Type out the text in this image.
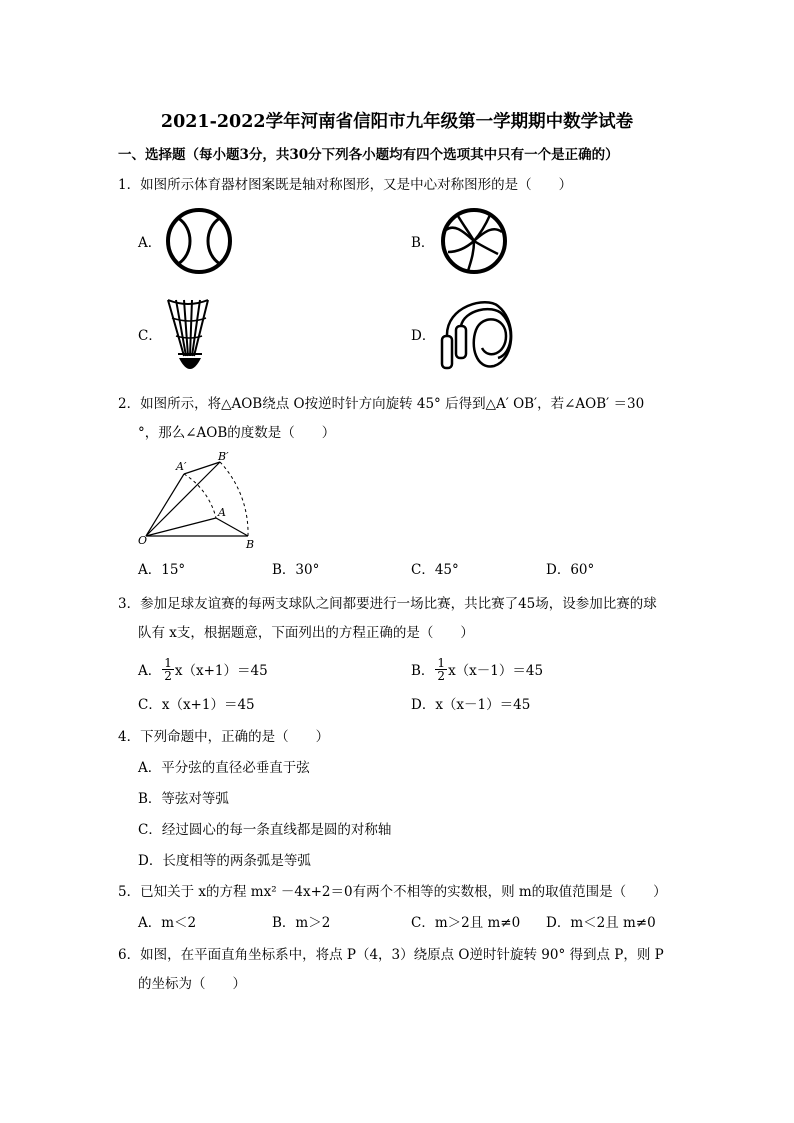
2021-2022学年河南省信阳市九年级第一学期期中数学试卷
一、选择题（每小题3分，共30分下列各小题均有四个选项其中只有一个是正确的）
1．如图所示体育器材图案既是轴对称图形，又是中心对称图形的是（　　）
A．	B．
C．	D．
2．如图所示，将△AOB绕点 O按逆时针方向旋转 45° 后得到△A′ OB′，若∠AOB′ ＝30
°，那么∠AOB的度数是（　　）
A′
B′
A
O	B
A．15°	B．30°	C．45°	D．60°
3．参加足球友谊赛的每两支球队之间都要进行一场比赛，共比赛了45场，设参加比赛的球
队有 x支，根据题意，下面列出的方程正确的是（　　）
A． $\frac{1}{2} x(x+1)=45$	B． $\frac{1}{2} x(x-1)=45$
C．x（x+1）＝45	D．x（x－1）＝45
4．下列命题中，正确的是（　　）
A．平分弦的直径必垂直于弦
B．等弦对等弧
C．经过圆心的每一条直线都是圆的对称轴
D．长度相等的两条弧是等弧
5．已知关于 x的方程 mx² －4x+2＝0有两个不相等的实数根，则 m的取值范围是（　　）
A．m＜2	B．m＞2	C．m＞2且 m≠0 D．m＜2且 m≠0
6．如图，在平面直角坐标系中，将点 P（4，3）绕原点 O逆时针旋转 90° 得到点 P，则 P
的坐标为（　　）
